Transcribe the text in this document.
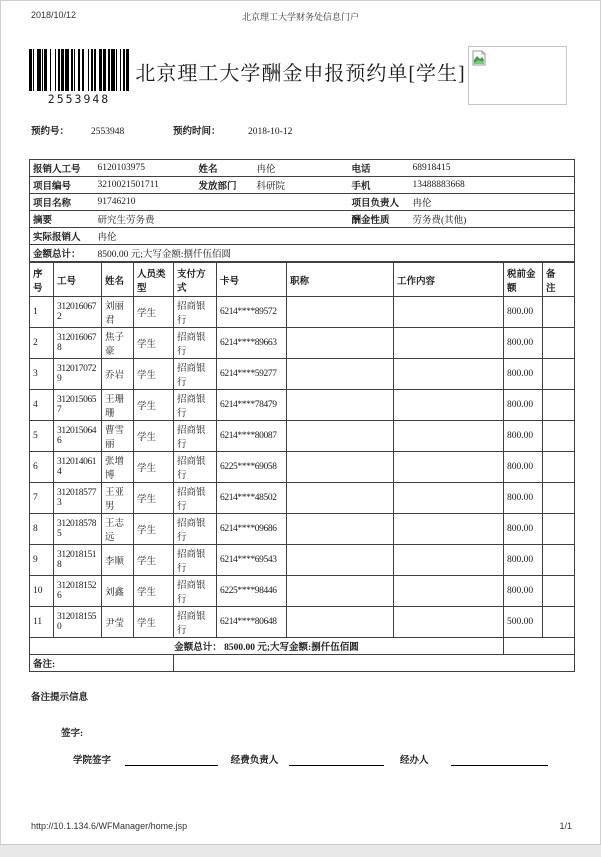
2018/10/12	北京理工大学财务处信息门户
2553948
北京理工大学酬金申报预约单[学生]
预约号： 2553948	预约时间：	2018-10-12
报销人工号	6120103975	姓名	冉伦	电话	68918415
项目编号	3210021501711	发放部门	科研院	手机	13488883668
项目名称	91746210			项目负责人	冉伦
摘要	研究生劳务费			酬金性质	劳务费(其他)
实际报销人	冉伦				
金额总计：	8500.00 元;大写金额:捌仟伍佰圆				
序号	工号	姓名	人员类型	支付方式	卡号	职称	工作内容	税前金额	备注
1	3120160672	刘丽君	学生	招商银行	6214****89572			800.00	
2	3120160678	焦子豪	学生	招商银行	6214****89663			800.00	
3	3120170729	乔岩	学生	招商银行	6214****59277			800.00	
4	3120150657	王珊珊	学生	招商银行	6214****78479			800.00	
5	3120150646	曹雪丽	学生	招商银行	6214****80087			800.00	
6	3120140614	张增博	学生	招商银行	6225****69058			800.00	
7	3120185773	王亚男	学生	招商银行	6214****48502			800.00	
8	3120185785	王志远	学生	招商银行	6214****09686			800.00	
9	3120181518	李顺	学生	招商银行	6214****69543			800.00	
10	3120181526	刘鑫	学生	招商银行	6225****98446			800.00	
11	3120181550	尹莹	学生	招商银行	6214****80648			500.00	
金额总计： 8500.00 元;大写金额:捌仟伍佰圆									
备注:									
备注提示信息
签字:
学院签字	经费负责人	经办人
http://10.1.134.6/WFManager/home.jsp	1/1
